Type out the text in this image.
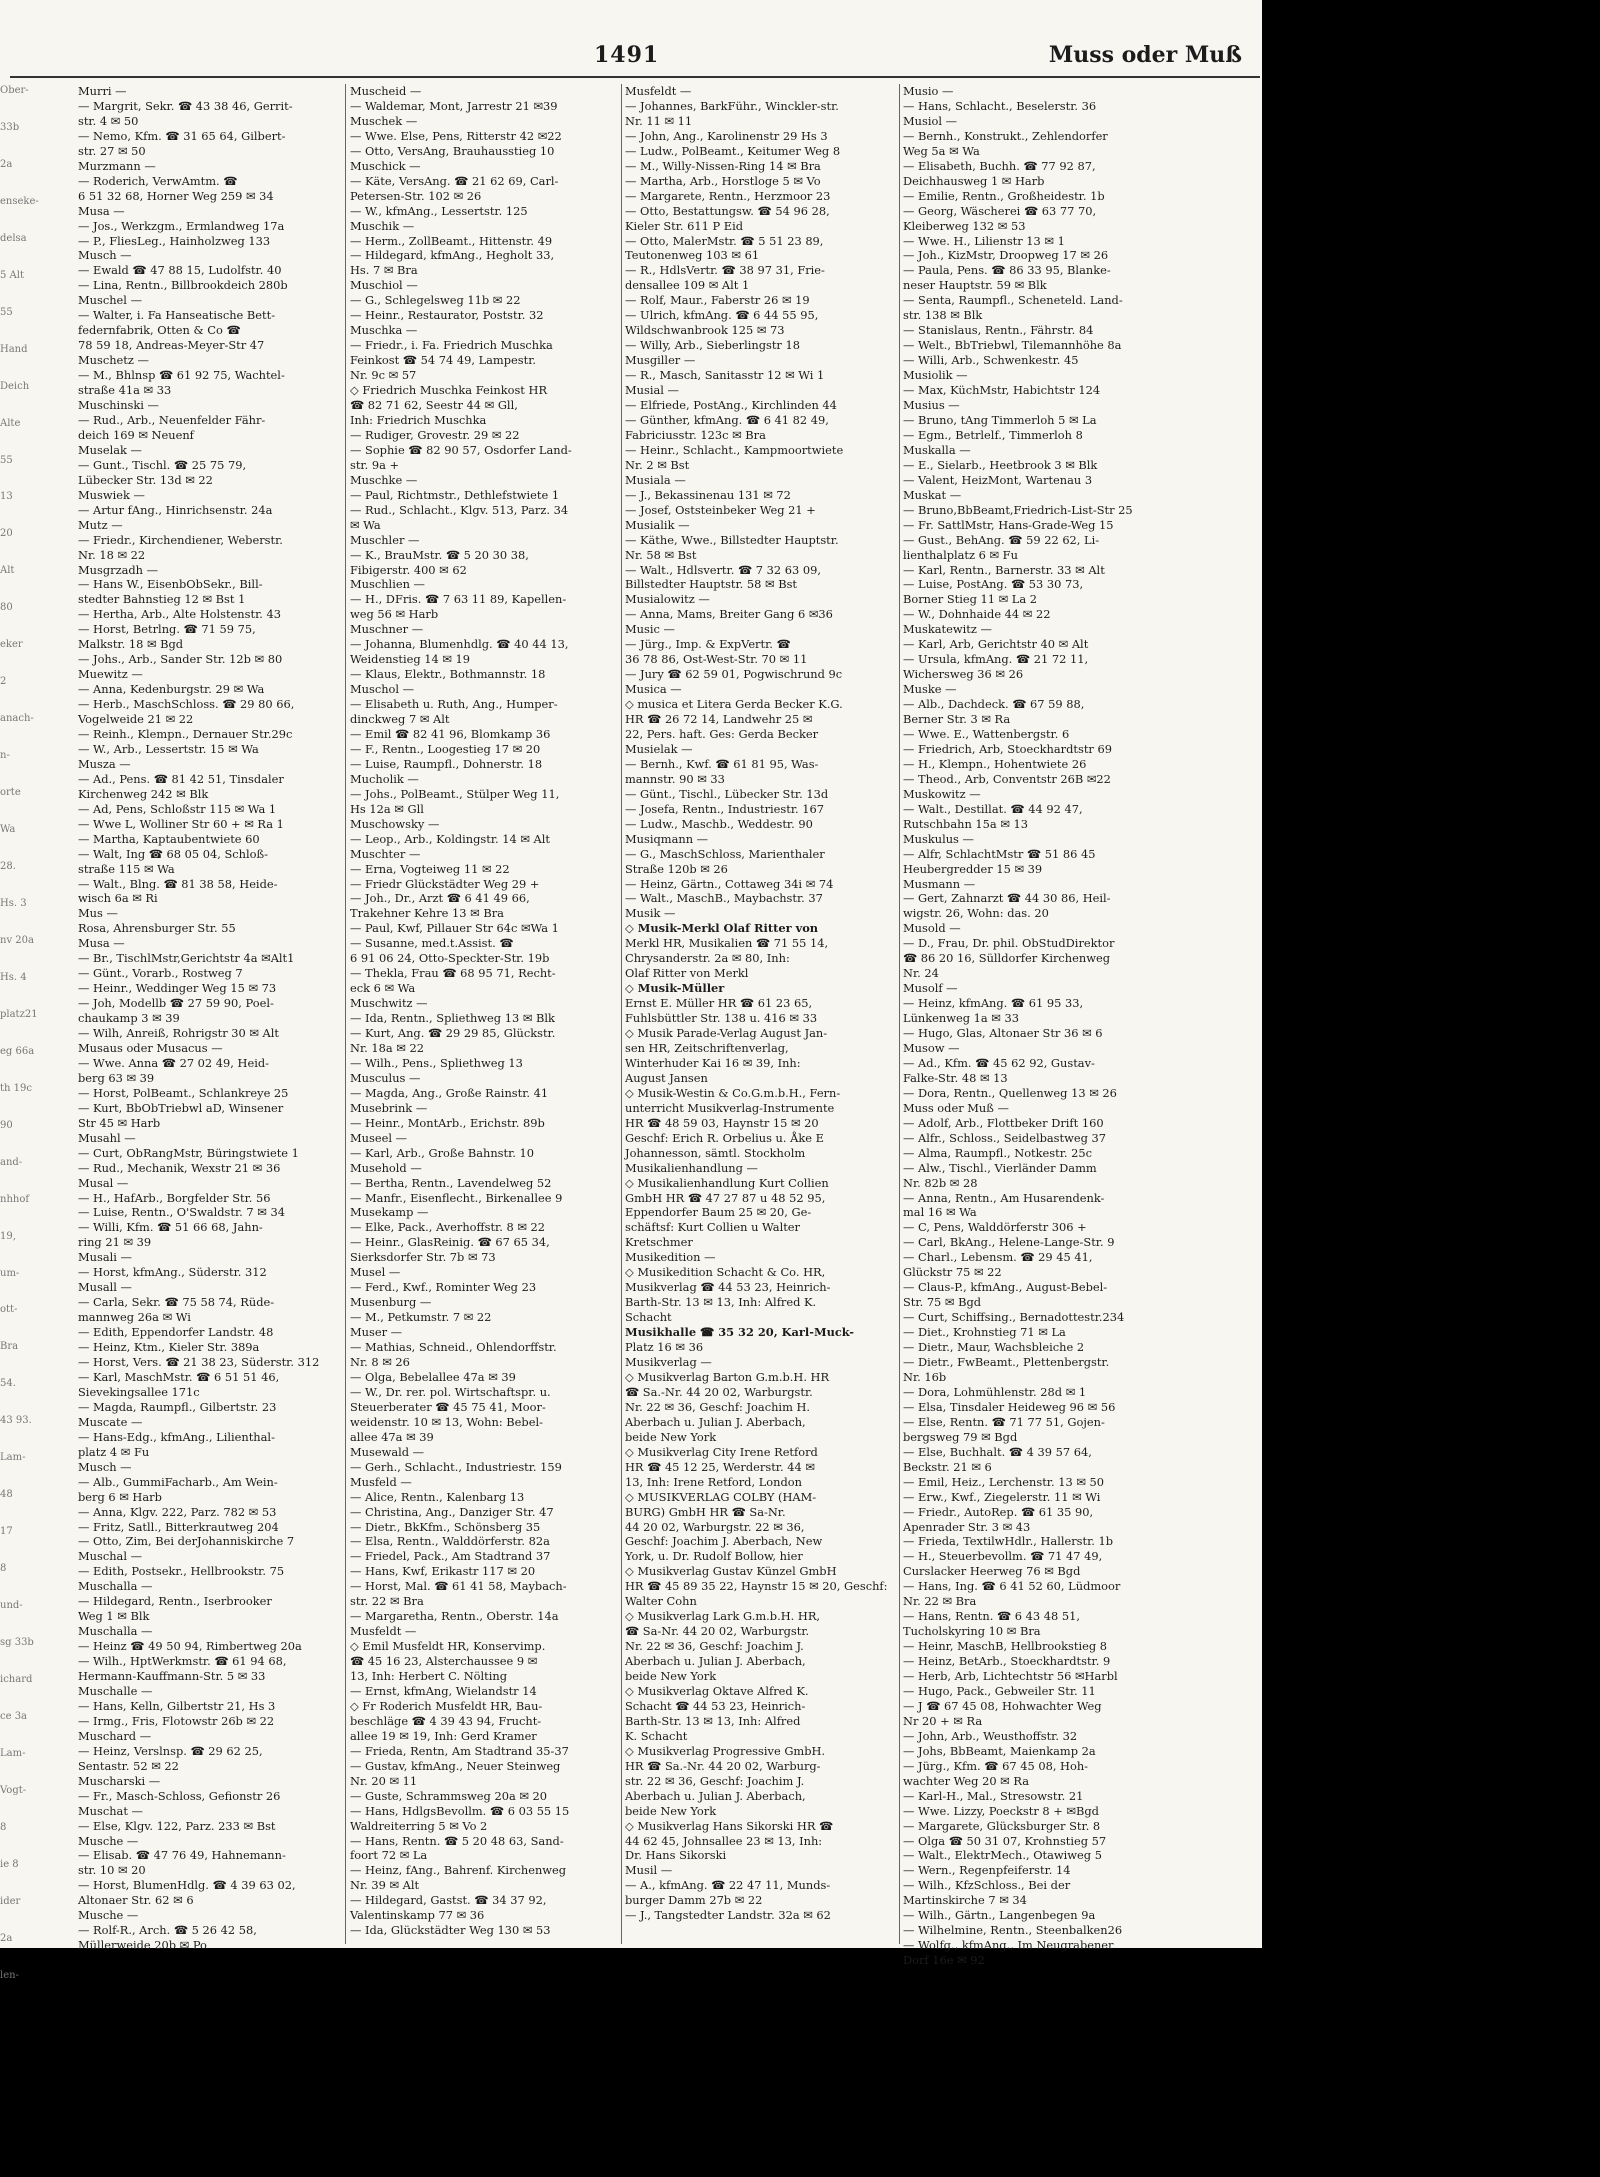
1491	Muss oder Muß
Ober-
33b
2a
enseke-
delsa
5 Alt
55
Hand
Deich
Alte
55
13
20
Alt
80
eker
2
anach-
n-
orte
Wa
28.
Hs. 3
nv 20a
Hs. 4
platz21
eg 66a
th 19c
90
and-
nhhof
19,
um-
ott-
Bra
54.
43 93.
Lam-
48
17
8
und-
sg 33b
ichard
ce 3a
Lam-
Vogt-
8
ie 8
ider
2a
len-
Murri —
— Margrit, Sekr. ☎ 43 38 46, Gerrit-
str. 4 ✉ 50
— Nemo, Kfm. ☎ 31 65 64, Gilbert-
str. 27 ✉ 50
Murzmann —
— Roderich, VerwAmtm. ☎
6 51 32 68, Horner Weg 259 ✉ 34
Musa —
— Jos., Werkzgm., Ermlandweg 17a
— P., FliesLeg., Hainholzweg 133
Musch —
— Ewald ☎ 47 88 15, Ludolfstr. 40
— Lina, Rentn., Billbrookdeich 280b
Muschel —
— Walter, i. Fa Hanseatische Bett-
federnfabrik, Otten & Co ☎
78 59 18, Andreas-Meyer-Str 47
Muschetz —
— M., Bhlnsp ☎ 61 92 75, Wachtel-
straße 41a ✉ 33
Muschinski —
— Rud., Arb., Neuenfelder Fähr-
deich 169 ✉ Neuenf
Muselak —
— Gunt., Tischl. ☎ 25 75 79,
Lübecker Str. 13d ✉ 22
Muswiek —
— Artur fAng., Hinrichsenstr. 24a
Mutz —
— Friedr., Kirchendiener, Weberstr.
Nr. 18 ✉ 22
Musgrzadh —
— Hans W., EisenbObSekr., Bill-
stedter Bahnstieg 12 ✉ Bst 1
— Hertha, Arb., Alte Holstenstr. 43
— Horst, Betrlng. ☎ 71 59 75,
Malkstr. 18 ✉ Bgd
— Johs., Arb., Sander Str. 12b ✉ 80
Muewitz —
— Anna, Kedenburgstr. 29 ✉ Wa
— Herb., MaschSchloss. ☎ 29 80 66,
Vogelweide 21 ✉ 22
— Reinh., Klempn., Dernauer Str.29c
— W., Arb., Lessertstr. 15 ✉ Wa
Musza —
— Ad., Pens. ☎ 81 42 51, Tinsdaler
Kirchenweg 242 ✉ Blk
— Ad, Pens, Schloßstr 115 ✉ Wa 1
— Wwe L, Wolliner Str 60 + ✉ Ra 1
— Martha, Kaptaubentwiete 60
— Walt, Ing ☎ 68 05 04, Schloß-
straße 115 ✉ Wa
— Walt., Blng. ☎ 81 38 58, Heide-
wisch 6a ✉ Ri
Mus —
Rosa, Ahrensburger Str. 55
Musa —
— Br., TischlMstr,Gerichtstr 4a ✉Alt1
— Günt., Vorarb., Rostweg 7
— Heinr., Weddinger Weg 15 ✉ 73
— Joh, Modellb ☎ 27 59 90, Poel-
chaukamp 3 ✉ 39
— Wilh, Anreiß, Rohrigstr 30 ✉ Alt
Musaus oder Musacus —
— Wwe. Anna ☎ 27 02 49, Heid-
berg 63 ✉ 39
— Horst, PolBeamt., Schlankreye 25
— Kurt, BbObTriebwl aD, Winsener
Str 45 ✉ Harb
Musahl —
— Curt, ObRangMstr, Büringstwiete 1
— Rud., Mechanik, Wexstr 21 ✉ 36
Musal —
— H., HafArb., Borgfelder Str. 56
— Luise, Rentn., O'Swaldstr. 7 ✉ 34
— Willi, Kfm. ☎ 51 66 68, Jahn-
ring 21 ✉ 39
Musali —
— Horst, kfmAng., Süderstr. 312
Musall —
— Carla, Sekr. ☎ 75 58 74, Rüde-
mannweg 26a ✉ Wi
— Edith, Eppendorfer Landstr. 48
— Heinz, Ktm., Kieler Str. 389a
— Horst, Vers. ☎ 21 38 23, Süderstr. 312
— Karl, MaschMstr. ☎ 6 51 51 46,
Sievekingsallee 171c
— Magda, Raumpfl., Gilbertstr. 23
Muscate —
— Hans-Edg., kfmAng., Lilienthal-
platz 4 ✉ Fu
Musch —
— Alb., GummiFacharb., Am Wein-
berg 6 ✉ Harb
— Anna, Klgv. 222, Parz. 782 ✉ 53
— Fritz, Satll., Bitterkrautweg 204
— Otto, Zim, Bei derJohanniskirche 7
Muschal —
— Edith, Postsekr., Hellbrookstr. 75
Muschalla —
— Hildegard, Rentn., Iserbrooker
Weg 1 ✉ Blk
Muschalla —
— Heinz ☎ 49 50 94, Rimbertweg 20a
— Wilh., HptWerkmstr. ☎ 61 94 68,
Hermann-Kauffmann-Str. 5 ✉ 33
Muschalle —
— Hans, Kelln, Gilbertstr 21, Hs 3
— Irmg., Fris, Flotowstr 26b ✉ 22
Muschard —
— Heinz, Verslnsp. ☎ 29 62 25,
Sentastr. 52 ✉ 22
Muscharski —
— Fr., Masch-Schloss, Gefionstr 26
Muschat —
— Else, Klgv. 122, Parz. 233 ✉ Bst
Musche —
— Elisab. ☎ 47 76 49, Hahnemann-
str. 10 ✉ 20
— Horst, BlumenHdlg. ☎ 4 39 63 02,
Altonaer Str. 62 ✉ 6
Musche —
— Rolf-R., Arch. ☎ 5 26 42 58,
Müllerweide 20b ✉ Po
Muscheid —
— Waldemar, Mont, Jarrestr 21 ✉39
Muschek —
— Wwe. Else, Pens, Ritterstr 42 ✉22
— Otto, VersAng, Brauhausstieg 10
Muschick —
— Käte, VersAng. ☎ 21 62 69, Carl-
Petersen-Str. 102 ✉ 26
— W., kfmAng., Lessertstr. 125
Muschik —
— Herm., ZollBeamt., Hittenstr. 49
— Hildegard, kfmAng., Hegholt 33,
Hs. 7 ✉ Bra
Muschiol —
— G., Schlegelsweg 11b ✉ 22
— Heinr., Restaurator, Poststr. 32
Muschka —
— Friedr., i. Fa. Friedrich Muschka
Feinkost ☎ 54 74 49, Lampestr.
Nr. 9c ✉ 57
◇ Friedrich Muschka Feinkost HR
☎ 82 71 62, Seestr 44 ✉ Gll,
Inh: Friedrich Muschka
— Rudiger, Grovestr. 29 ✉ 22
— Sophie ☎ 82 90 57, Osdorfer Land-
str. 9a +
Muschke —
— Paul, Richtmstr., Dethlefstwiete 1
— Rud., Schlacht., Klgv. 513, Parz. 34
✉ Wa
Muschler —
— K., BrauMstr. ☎ 5 20 30 38,
Fibigerstr. 400 ✉ 62
Muschlien —
— H., DFris. ☎ 7 63 11 89, Kapellen-
weg 56 ✉ Harb
Muschner —
— Johanna, Blumenhdlg. ☎ 40 44 13,
Weidenstieg 14 ✉ 19
— Klaus, Elektr., Bothmannstr. 18
Muschol —
— Elisabeth u. Ruth, Ang., Humper-
dinckweg 7 ✉ Alt
— Emil ☎ 82 41 96, Blomkamp 36
— F., Rentn., Loogestieg 17 ✉ 20
— Luise, Raumpfl., Dohnerstr. 18
Mucholik —
— Johs., PolBeamt., Stülper Weg 11,
Hs 12a ✉ Gll
Muschowsky —
— Leop., Arb., Koldingstr. 14 ✉ Alt
Muschter —
— Erna, Vogteiweg 11 ✉ 22
— Friedr Glückstädter Weg 29 +
— Joh., Dr., Arzt ☎ 6 41 49 66,
Trakehner Kehre 13 ✉ Bra
— Paul, Kwf, Pillauer Str 64c ✉Wa 1
— Susanne, med.t.Assist. ☎
6 91 06 24, Otto-Speckter-Str. 19b
— Thekla, Frau ☎ 68 95 71, Recht-
eck 6 ✉ Wa
Muschwitz —
— Ida, Rentn., Spliethweg 13 ✉ Blk
— Kurt, Ang. ☎ 29 29 85, Glückstr.
Nr. 18a ✉ 22
— Wilh., Pens., Spliethweg 13
Musculus —
— Magda, Ang., Große Rainstr. 41
Musebrink —
— Heinr., MontArb., Erichstr. 89b
Museel —
— Karl, Arb., Große Bahnstr. 10
Musehold —
— Bertha, Rentn., Lavendelweg 52
— Manfr., Eisenflecht., Birkenallee 9
Musekamp —
— Elke, Pack., Averhoffstr. 8 ✉ 22
— Heinr., GlasReinig. ☎ 67 65 34,
Sierksdorfer Str. 7b ✉ 73
Musel —
— Ferd., Kwf., Rominter Weg 23
Musenburg —
— M., Petkumstr. 7 ✉ 22
Muser —
— Mathias, Schneid., Ohlendorffstr.
Nr. 8 ✉ 26
— Olga, Bebelallee 47a ✉ 39
— W., Dr. rer. pol. Wirtschaftspr. u.
Steuerberater ☎ 45 75 41, Moor-
weidenstr. 10 ✉ 13, Wohn: Bebel-
allee 47a ✉ 39
Musewald —
— Gerh., Schlacht., Industriestr. 159
Musfeld —
— Alice, Rentn., Kalenbarg 13
— Christina, Ang., Danziger Str. 47
— Dietr., BkKfm., Schönsberg 35
— Elsa, Rentn., Walddörferstr. 82a
— Friedel, Pack., Am Stadtrand 37
— Hans, Kwf, Erikastr 117 ✉ 20
— Horst, Mal. ☎ 61 41 58, Maybach-
str. 22 ✉ Bra
— Margaretha, Rentn., Oberstr. 14a
Musfeldt —
◇ Emil Musfeldt HR, Konservimp.
☎ 45 16 23, Alsterchaussee 9 ✉
13, Inh: Herbert C. Nölting
— Ernst, kfmAng, Wielandstr 14
◇ Fr Roderich Musfeldt HR, Bau-
beschläge ☎ 4 39 43 94, Frucht-
allee 19 ✉ 19, Inh: Gerd Kramer
— Frieda, Rentn, Am Stadtrand 35-37
— Gustav, kfmAng., Neuer Steinweg
Nr. 20 ✉ 11
— Guste, Schrammsweg 20a ✉ 20
— Hans, HdlgsBevollm. ☎ 6 03 55 15
Waldreiterring 5 ✉ Vo 2
— Hans, Rentn. ☎ 5 20 48 63, Sand-
foort 72 ✉ La
— Heinz, fAng., Bahrenf. Kirchenweg
Nr. 39 ✉ Alt
— Hildegard, Gastst. ☎ 34 37 92,
Valentinskamp 77 ✉ 36
— Ida, Glückstädter Weg 130 ✉ 53
Musfeldt —
— Johannes, BarkFühr., Winckler-str.
Nr. 11 ✉ 11
— John, Ang., Karolinenstr 29 Hs 3
— Ludw., PolBeamt., Keitumer Weg 8
— M., Willy-Nissen-Ring 14 ✉ Bra
— Martha, Arb., Horstloge 5 ✉ Vo
— Margarete, Rentn., Herzmoor 23
— Otto, Bestattungsw. ☎ 54 96 28,
Kieler Str. 611 P Eid
— Otto, MalerMstr. ☎ 5 51 23 89,
Teutonenweg 103 ✉ 61
— R., HdlsVertr. ☎ 38 97 31, Frie-
densallee 109 ✉ Alt 1
— Rolf, Maur., Faberstr 26 ✉ 19
— Ulrich, kfmAng. ☎ 6 44 55 95,
Wildschwanbrook 125 ✉ 73
— Willy, Arb., Sieberlingstr 18
Musgiller —
— R., Masch, Sanitasstr 12 ✉ Wi 1
Musial —
— Elfriede, PostAng., Kirchlinden 44
— Günther, kfmAng. ☎ 6 41 82 49,
Fabriciusstr. 123c ✉ Bra
— Heinr., Schlacht., Kampmoortwiete
Nr. 2 ✉ Bst
Musiala —
— J., Bekassinenau 131 ✉ 72
— Josef, Oststeinbeker Weg 21 +
Musialik —
— Käthe, Wwe., Billstedter Hauptstr.
Nr. 58 ✉ Bst
— Walt., Hdlsvertr. ☎ 7 32 63 09,
Billstedter Hauptstr. 58 ✉ Bst
Musialowitz —
— Anna, Mams, Breiter Gang 6 ✉36
Music —
— Jürg., Imp. & ExpVertr. ☎
36 78 86, Ost-West-Str. 70 ✉ 11
— Jury ☎ 62 59 01, Pogwischrund 9c
Musica —
◇ musica et Litera Gerda Becker K.G.
HR ☎ 26 72 14, Landwehr 25 ✉
22, Pers. haft. Ges: Gerda Becker
Musielak —
— Bernh., Kwf. ☎ 61 81 95, Was-
mannstr. 90 ✉ 33
— Günt., Tischl., Lübecker Str. 13d
— Josefa, Rentn., Industriestr. 167
— Ludw., Maschb., Weddestr. 90
Musiqmann —
— G., MaschSchloss, Marienthaler
Straße 120b ✉ 26
— Heinz, Gärtn., Cottaweg 34i ✉ 74
— Walt., MaschB., Maybachstr. 37
Musik —
◇ Musik-Merkl Olaf Ritter von
Merkl HR, Musikalien ☎ 71 55 14,
Chrysanderstr. 2a ✉ 80, Inh:
Olaf Ritter von Merkl
◇ Musik-Müller
Ernst E. Müller HR ☎ 61 23 65,
Fuhlsbüttler Str. 138 u. 416 ✉ 33
◇ Musik Parade-Verlag August Jan-
sen HR, Zeitschriftenverlag,
Winterhuder Kai 16 ✉ 39, Inh:
August Jansen
◇ Musik-Westin & Co.G.m.b.H., Fern-
unterricht Musikverlag-Instrumente
HR ☎ 48 59 03, Haynstr 15 ✉ 20
Geschf: Erich R. Orbelius u. Åke E
Johannesson, sämtl. Stockholm
Musikalienhandlung —
◇ Musikalienhandlung Kurt Collien
GmbH HR ☎ 47 27 87 u 48 52 95,
Eppendorfer Baum 25 ✉ 20, Ge-
schäftsf: Kurt Collien u Walter
Kretschmer
Musikedition —
◇ Musikedition Schacht & Co. HR,
Musikverlag ☎ 44 53 23, Heinrich-
Barth-Str. 13 ✉ 13, Inh: Alfred K.
Schacht
Musikhalle ☎ 35 32 20, Karl-Muck-
Platz 16 ✉ 36
Musikverlag —
◇ Musikverlag Barton G.m.b.H. HR
☎ Sa.-Nr. 44 20 02, Warburgstr.
Nr. 22 ✉ 36, Geschf: Joachim H.
Aberbach u. Julian J. Aberbach,
beide New York
◇ Musikverlag City Irene Retford
HR ☎ 45 12 25, Werderstr. 44 ✉
13, Inh: Irene Retford, London
◇ MUSIKVERLAG COLBY (HAM-
BURG) GmbH HR ☎ Sa-Nr.
44 20 02, Warburgstr. 22 ✉ 36,
Geschf: Joachim J. Aberbach, New
York, u. Dr. Rudolf Bollow, hier
◇ Musikverlag Gustav Künzel GmbH
HR ☎ 45 89 35 22, Haynstr 15 ✉ 20, Geschf:
Walter Cohn
◇ Musikverlag Lark G.m.b.H. HR,
☎ Sa-Nr. 44 20 02, Warburgstr.
Nr. 22 ✉ 36, Geschf: Joachim J.
Aberbach u. Julian J. Aberbach,
beide New York
◇ Musikverlag Oktave Alfred K.
Schacht ☎ 44 53 23, Heinrich-
Barth-Str. 13 ✉ 13, Inh: Alfred
K. Schacht
◇ Musikverlag Progressive GmbH.
HR ☎ Sa.-Nr. 44 20 02, Warburg-
str. 22 ✉ 36, Geschf: Joachim J.
Aberbach u. Julian J. Aberbach,
beide New York
◇ Musikverlag Hans Sikorski HR ☎
44 62 45, Johnsallee 23 ✉ 13, Inh:
Dr. Hans Sikorski
Musil —
— A., kfmAng. ☎ 22 47 11, Munds-
burger Damm 27b ✉ 22
— J., Tangstedter Landstr. 32a ✉ 62
Musio —
— Hans, Schlacht., Beselerstr. 36
Musiol —
— Bernh., Konstrukt., Zehlendorfer
Weg 5a ✉ Wa
— Elisabeth, Buchh. ☎ 77 92 87,
Deichhausweg 1 ✉ Harb
— Emilie, Rentn., Großheidestr. 1b
— Georg, Wäscherei ☎ 63 77 70,
Kleiberweg 132 ✉ 53
— Wwe. H., Lilienstr 13 ✉ 1
— Joh., KizMstr, Droopweg 17 ✉ 26
— Paula, Pens. ☎ 86 33 95, Blanke-
neser Hauptstr. 59 ✉ Blk
— Senta, Raumpfl., Scheneteld. Land-
str. 138 ✉ Blk
— Stanislaus, Rentn., Fährstr. 84
— Welt., BbTriebwl, Tilemannhöhe 8a
— Willi, Arb., Schwenkestr. 45
Musiolik —
— Max, KüchMstr, Habichtstr 124
Musius —
— Bruno, tAng Timmerloh 5 ✉ La
— Egm., Betrlelf., Timmerloh 8
Muskalla —
— E., Sielarb., Heetbrook 3 ✉ Blk
— Valent, HeizMont, Wartenau 3
Muskat —
— Bruno,BbBeamt,Friedrich-List-Str 25
— Fr. SattlMstr, Hans-Grade-Weg 15
— Gust., BehAng. ☎ 59 22 62, Li-
lienthalplatz 6 ✉ Fu
— Karl, Rentn., Barnerstr. 33 ✉ Alt
— Luise, PostAng. ☎ 53 30 73,
Borner Stieg 11 ✉ La 2
— W., Dohnhaide 44 ✉ 22
Muskatewitz —
— Karl, Arb, Gerichtstr 40 ✉ Alt
— Ursula, kfmAng. ☎ 21 72 11,
Wichersweg 36 ✉ 26
Muske —
— Alb., Dachdeck. ☎ 67 59 88,
Berner Str. 3 ✉ Ra
— Wwe. E., Wattenbergstr. 6
— Friedrich, Arb, Stoeckhardtstr 69
— H., Klempn., Hohentwiete 26
— Theod., Arb, Conventstr 26B ✉22
Muskowitz —
— Walt., Destillat. ☎ 44 92 47,
Rutschbahn 15a ✉ 13
Muskulus —
— Alfr, SchlachtMstr ☎ 51 86 45
Heubergredder 15 ✉ 39
Musmann —
— Gert, Zahnarzt ☎ 44 30 86, Heil-
wigstr. 26, Wohn: das. 20
Musold —
— D., Frau, Dr. phil. ObStudDirektor
☎ 86 20 16, Sülldorfer Kirchenweg
Nr. 24
Musolf —
— Heinz, kfmAng. ☎ 61 95 33,
Lünkenweg 1a ✉ 33
— Hugo, Glas, Altonaer Str 36 ✉ 6
Musow —
— Ad., Kfm. ☎ 45 62 92, Gustav-
Falke-Str. 48 ✉ 13
— Dora, Rentn., Quellenweg 13 ✉ 26
Muss oder Muß —
— Adolf, Arb., Flottbeker Drift 160
— Alfr., Schloss., Seidelbastweg 37
— Alma, Raumpfl., Notkestr. 25c
— Alw., Tischl., Vierländer Damm
Nr. 82b ✉ 28
— Anna, Rentn., Am Husarendenk-
mal 16 ✉ Wa
— C, Pens, Walddörferstr 306 +
— Carl, BkAng., Helene-Lange-Str. 9
— Charl., Lebensm. ☎ 29 45 41,
Glückstr 75 ✉ 22
— Claus-P., kfmAng., August-Bebel-
Str. 75 ✉ Bgd
— Curt, Schiffsing., Bernadottestr.234
— Diet., Krohnstieg 71 ✉ La
— Dietr., Maur, Wachsbleiche 2
— Dietr., FwBeamt., Plettenbergstr.
Nr. 16b
— Dora, Lohmühlenstr. 28d ✉ 1
— Elsa, Tinsdaler Heideweg 96 ✉ 56
— Else, Rentn. ☎ 71 77 51, Gojen-
bergsweg 79 ✉ Bgd
— Else, Buchhalt. ☎ 4 39 57 64,
Beckstr. 21 ✉ 6
— Emil, Heiz., Lerchenstr. 13 ✉ 50
— Erw., Kwf., Ziegelerstr. 11 ✉ Wi
— Friedr., AutoRep. ☎ 61 35 90,
Apenrader Str. 3 ✉ 43
— Frieda, TextilwHdlr., Hallerstr. 1b
— H., Steuerbevollm. ☎ 71 47 49,
Curslacker Heerweg 76 ✉ Bgd
— Hans, Ing. ☎ 6 41 52 60, Lüdmoor
Nr. 22 ✉ Bra
— Hans, Rentn. ☎ 6 43 48 51,
Tucholskyring 10 ✉ Bra
— Heinr, MaschB, Hellbrookstieg 8
— Heinz, BetArb., Stoeckhardtstr. 9
— Herb, Arb, Lichtechtstr 56 ✉Harbl
— Hugo, Pack., Gebweiler Str. 11
— J ☎ 67 45 08, Hohwachter Weg
Nr 20 + ✉ Ra
— John, Arb., Weusthoffstr. 32
— Johs, BbBeamt, Maienkamp 2a
— Jürg., Kfm. ☎ 67 45 08, Hoh-
wachter Weg 20 ✉ Ra
— Karl-H., Mal., Stresowstr. 21
— Wwe. Lizzy, Poeckstr 8 + ✉Bgd
— Margarete, Glücksburger Str. 8
— Olga ☎ 50 31 07, Krohnstieg 57
— Walt., ElektrMech., Otawiweg 5
— Wern., Regenpfeiferstr. 14
— Wilh., KfzSchloss., Bei der
Martinskirche 7 ✉ 34
— Wilh., Gärtn., Langenbegen 9a
— Wilhelmine, Rentn., Steenbalken26
— Wolfg., kfmAng., Im Neugrabener
Dorf 16e ✉ 92
